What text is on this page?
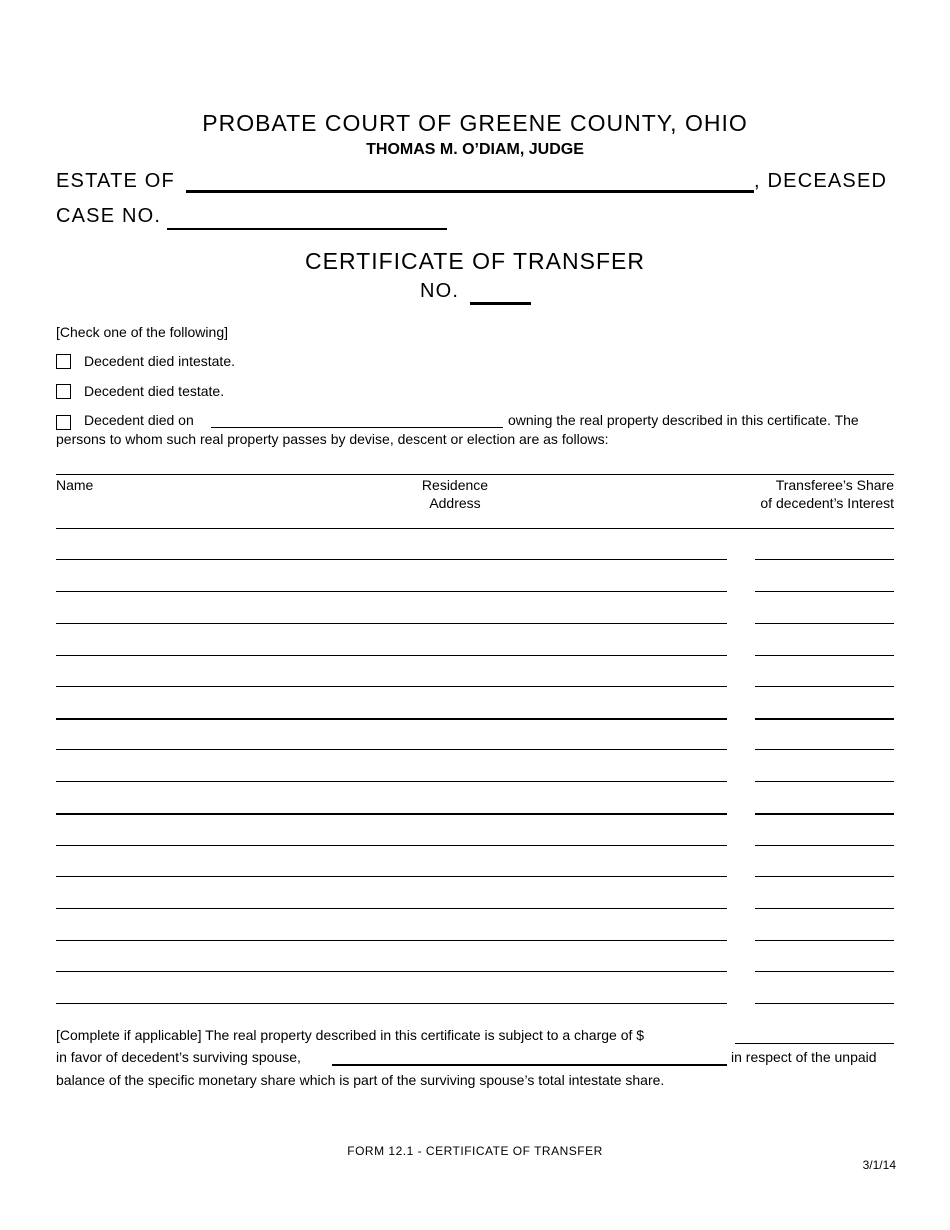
PROBATE COURT OF GREENE COUNTY, OHIO
THOMAS M. O’DIAM, JUDGE
ESTATE OF	, DECEASED
CASE NO.
CERTIFICATE OF TRANSFER
NO.
[Check one of the following]
Decedent died intestate.
Decedent died testate.
Decedent died on	owning the real property described in this certificate. The
persons to whom such real property passes by devise, descent or election are as follows:
Name	Residence
Address
Transferee’s Share
of decedent’s Interest
[Complete if applicable] The real property described in this certificate is subject to a charge of $
in favor of decedent’s surviving spouse,	in respect of the unpaid
balance of the specific monetary share which is part of the surviving spouse’s total intestate share.
FORM 12.1 - CERTIFICATE OF TRANSFER
3/1/14
